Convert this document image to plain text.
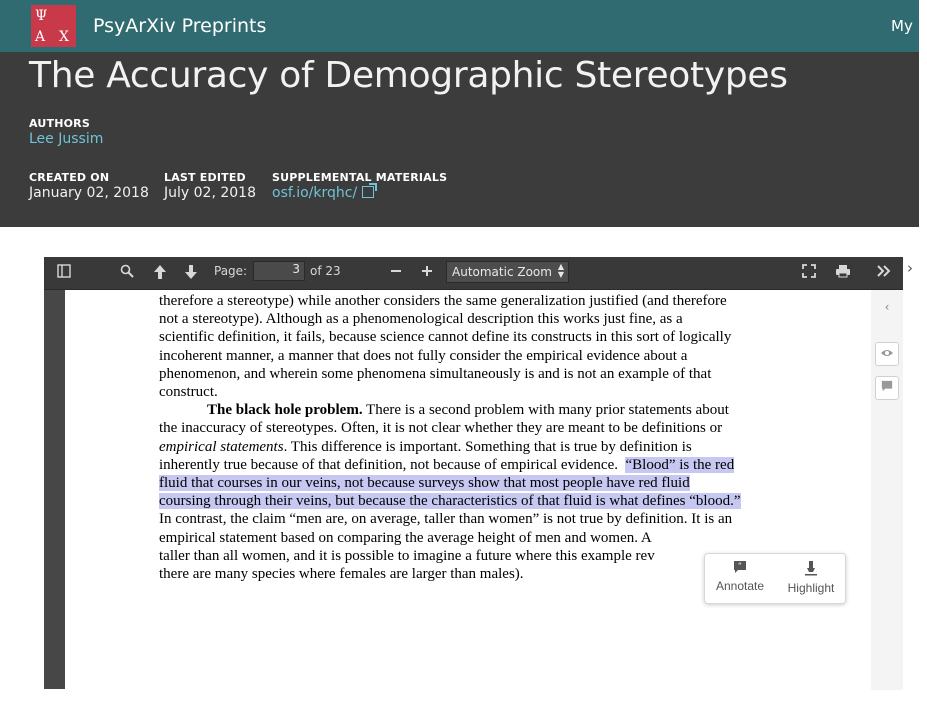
Ψ
Α Χ PsyArXiv Preprints	My P
The Accuracy of Demographic Stereotypes
AUTHORS
Lee Jussim
CREATED ON
January 02, 2018
LAST EDITED
July 02, 2018
SUPPLEMENTAL MATERIALS
osf.io/krqhc/
Page:	3 of 23	Automatic Zoom ▲
▼

therefore a stereotype) while another considers the same generalization justified (and therefore

not a stereotype). Although as a phenomenological description this works just fine, as a

scientific definition, it fails, because science cannot define its constructs in this sort of logically

incoherent manner, a manner that does not fully consider the empirical evidence about a

phenomenon, and wherein some phenomena simultaneously is and is not an example of that

construct.

The black hole problem. There is a second problem with many prior statements about

the inaccuracy of stereotypes. Often, it is not clear whether they are meant to be definitions or

empirical statements. This difference is important. Something that is true by definition is

inherently true because of that definition, not because of empirical evidence.  “Blood” is the red

fluid that courses in our veins, not because surveys show that most people have red fluid

coursing through their veins, but because the characteristics of that fluid is what defines “blood.”

In contrast, the claim “men are, on average, taller than women” is not true by definition. It is an

empirical statement based on comparing the average height of men and women. A

taller than all women, and it is possible to imagine a future where this example rev

there are many species where females are larger than males).

“
Annotate	Highlight
‹
›
